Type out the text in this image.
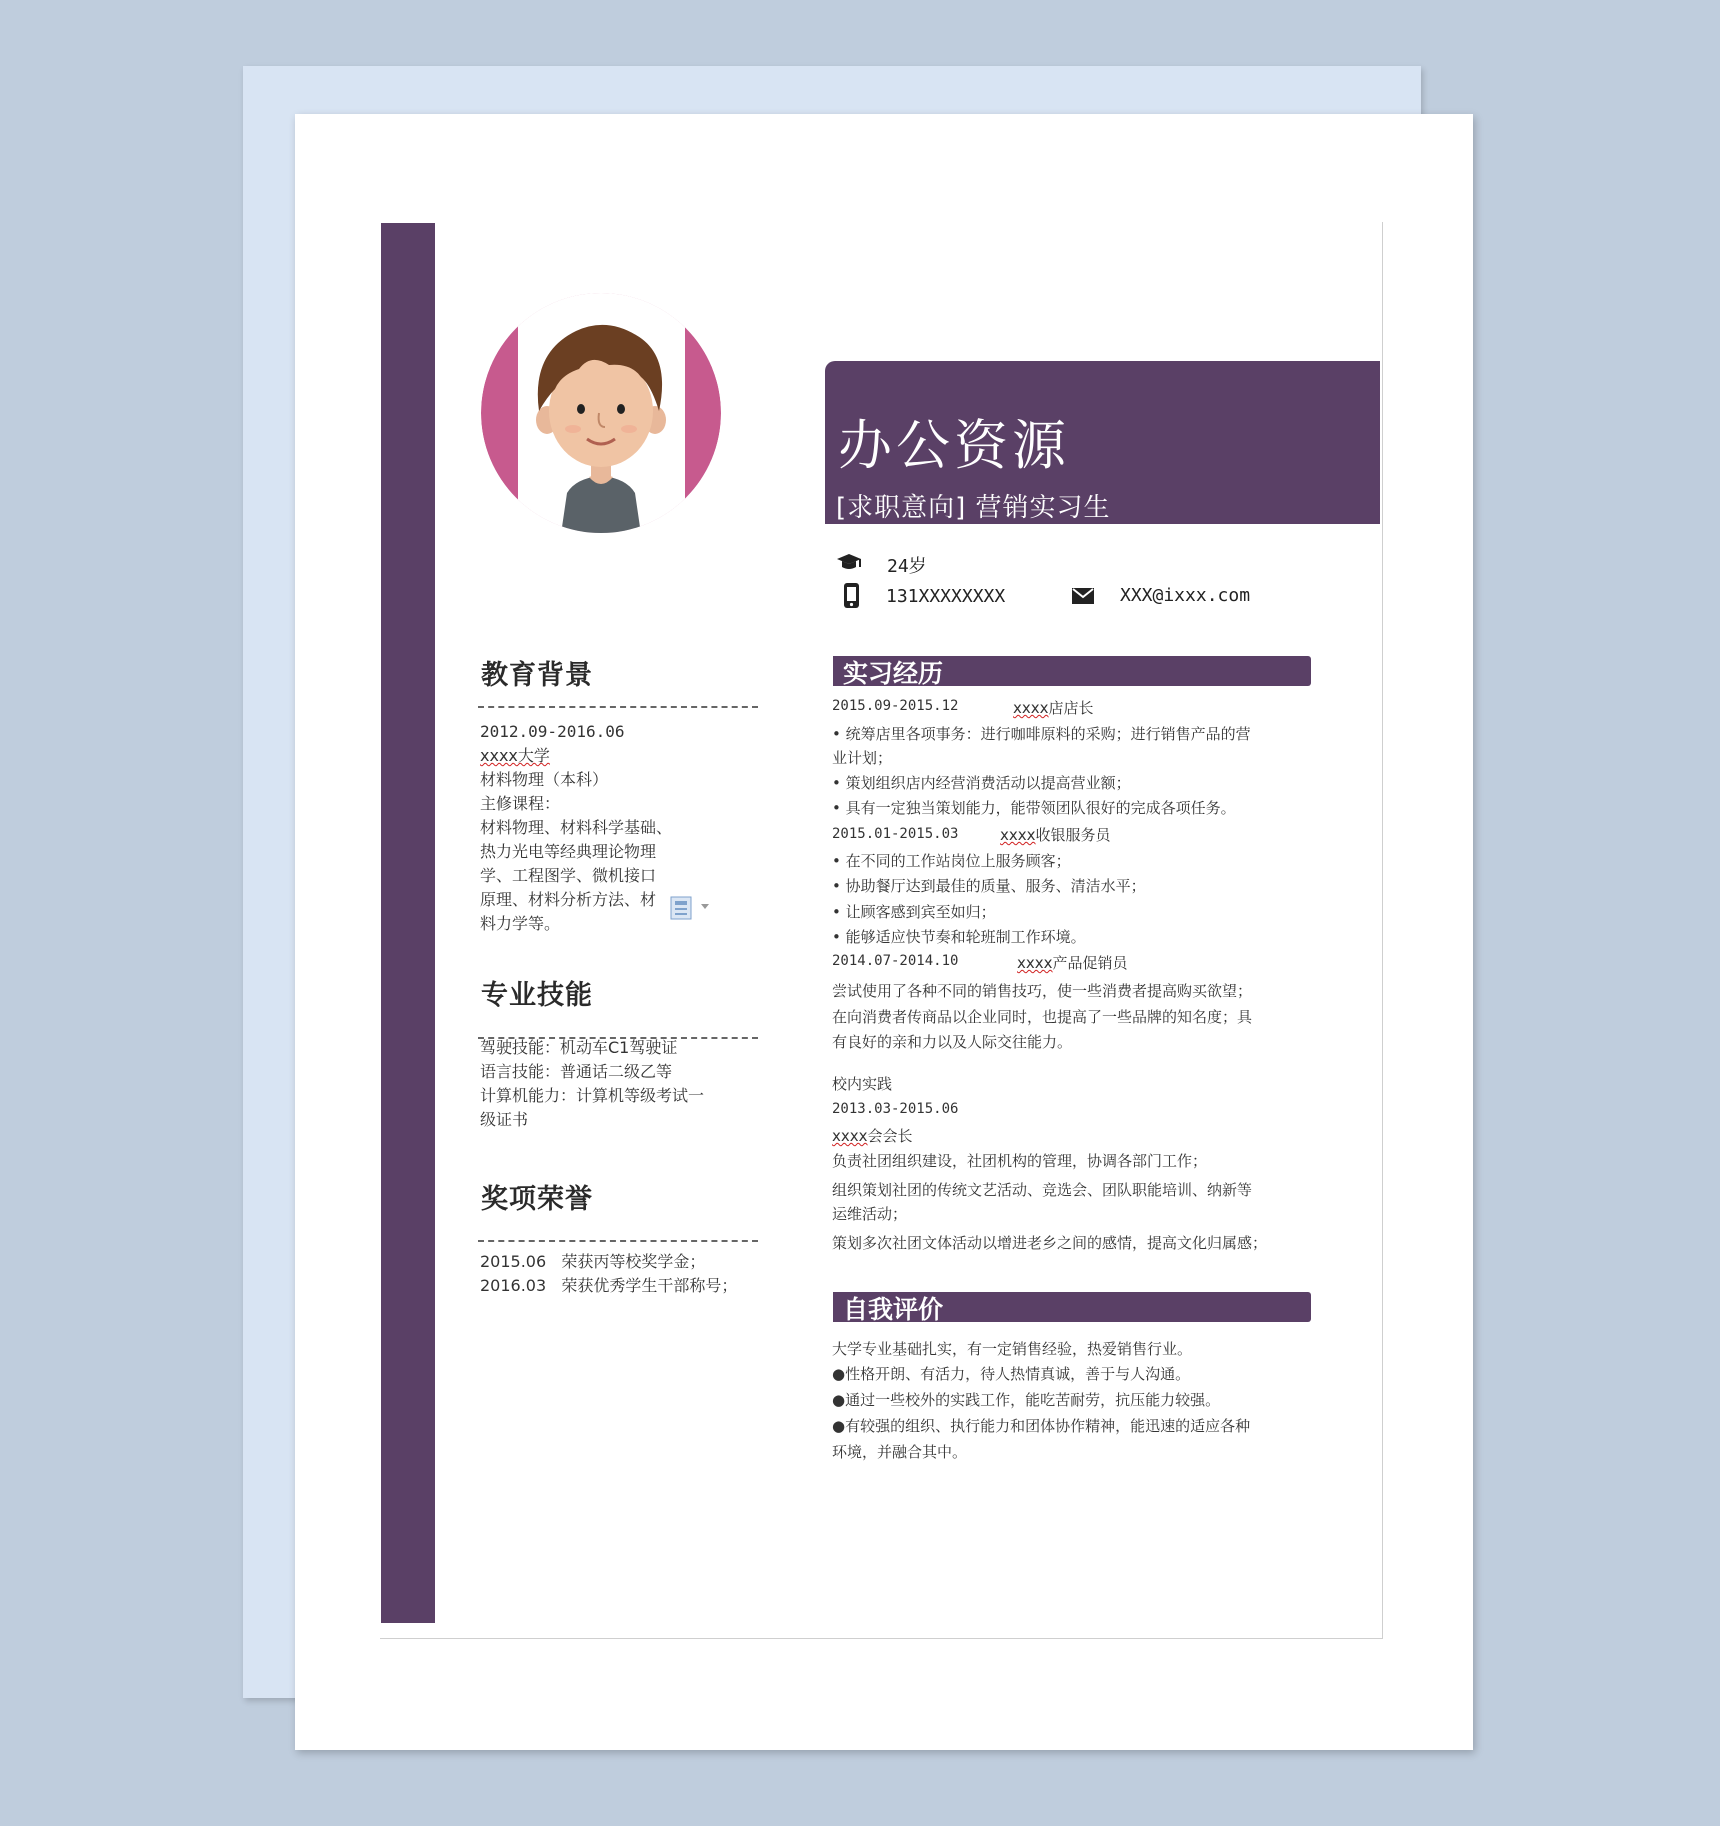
教育背景
2012.09-2016.06
xxxx大学
材料物理（本科）
主修课程：
材料物理、材料科学基础、
热力光电等经典理论物理
学、工程图学、微机接口
原理、材料分析方法、材
料力学等。
专业技能
驾驶技能：机动车C1驾驶证
语言技能：普通话二级乙等
计算机能力：计算机等级考试一
级证书
奖项荣誉
2015.06   荣获丙等校奖学金；
2016.03   荣获优秀学生干部称号；
办公资源
[求职意向] 营销实习生
24岁
131XXXXXXXX	XXX@ixxx.com
实习经历
2015.09-2015.12	xxxx店店长
• 统筹店里各项事务：进行咖啡原料的采购；进行销售产品的营
业计划；
• 策划组织店内经营消费活动以提高营业额；
• 具有一定独当策划能力，能带领团队很好的完成各项任务。
2015.01-2015.03	xxxx收银服务员
• 在不同的工作站岗位上服务顾客；
• 协助餐厅达到最佳的质量、服务、清洁水平；
• 让顾客感到宾至如归；
• 能够适应快节奏和轮班制工作环境。
2014.07-2014.10	xxxx产品促销员
尝试使用了各种不同的销售技巧，使一些消费者提高购买欲望；
在向消费者传商品以企业同时，也提高了一些品牌的知名度；具
有良好的亲和力以及人际交往能力。
校内实践
2013.03-2015.06
xxxx会会长
负责社团组织建设，社团机构的管理，协调各部门工作；
组织策划社团的传统文艺活动、竞选会、团队职能培训、纳新等
运维活动；
策划多次社团文体活动以增进老乡之间的感情，提高文化归属感；
自我评价
大学专业基础扎实，有一定销售经验，热爱销售行业。
●性格开朗、有活力，待人热情真诚，善于与人沟通。
●通过一些校外的实践工作，能吃苦耐劳，抗压能力较强。
●有较强的组织、执行能力和团体协作精神，能迅速的适应各种
环境，并融合其中。
